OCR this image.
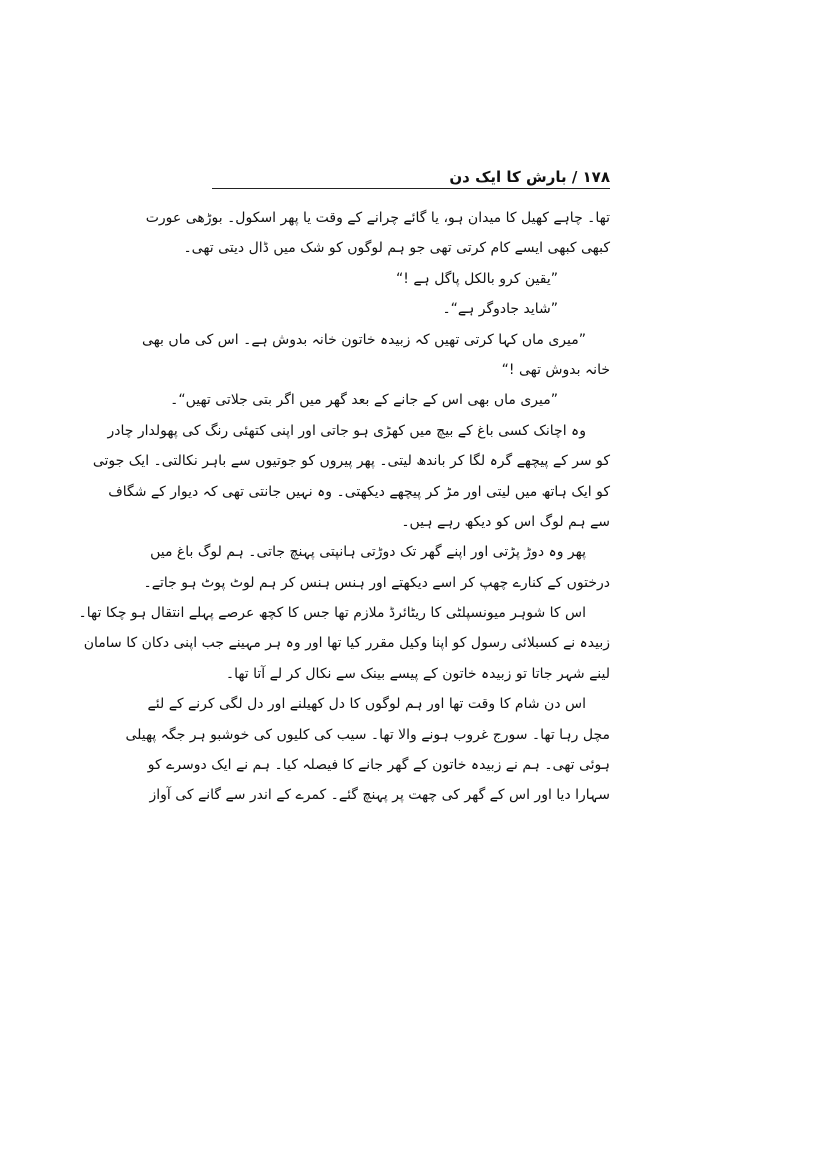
۱۷۸ / بارش کا ایک دن
تھا۔ چاہے کھیل کا میدان ہو، یا گائے چرانے کے وقت یا پھر اسکول۔ بوڑھی عورت
کبھی کبھی ایسے کام کرتی تھی جو ہم لوگوں کو شک میں ڈال دیتی تھی۔
”یقین کرو بالکل پاگل ہے !“
”شاید جادوگر ہے“۔
”میری ماں کہا کرتی تھیں کہ زبیدہ خاتون خانہ بدوش ہے۔ اس کی ماں بھی
خانہ بدوش تھی !“
”میری ماں بھی اس کے جانے کے بعد گھر میں اگر بتی جلاتی تھیں“۔
وہ اچانک کسی باغ کے بیچ میں کھڑی ہو جاتی اور اپنی کتھئی رنگ کی پھولدار چادر
کو سر کے پیچھے گرہ لگا کر باندھ لیتی۔ پھر پیروں کو جوتیوں سے باہر نکالتی۔ ایک جوتی
کو ایک ہاتھ میں لیتی اور مڑ کر پیچھے دیکھتی۔ وہ نہیں جانتی تھی کہ دیوار کے شگاف
سے ہم لوگ اس کو دیکھ رہے ہیں۔
پھر وہ دوڑ پڑتی اور اپنے گھر تک دوڑتی ہانپتی پہنچ جاتی۔ ہم لوگ باغ میں
درختوں کے کنارے چھپ کر اسے دیکھتے اور ہنس ہنس کر ہم لوٹ پوٹ ہو جاتے۔
اس کا شوہر میونسپلٹی کا ریٹائرڈ ملازم تھا جس کا کچھ عرصے پہلے انتقال ہو چکا تھا۔
زبیدہ نے کسبلائی رسول کو اپنا وکیل مقرر کیا تھا اور وہ ہر مہینے جب اپنی دکان کا سامان
لینے شہر جاتا تو زبیدہ خاتون کے پیسے بینک سے نکال کر لے آتا تھا۔
اس دن شام کا وقت تھا اور ہم لوگوں کا دل کھیلنے اور دل لگی کرنے کے لئے
مچل رہا تھا۔ سورج غروب ہونے والا تھا۔ سیب کی کلیوں کی خوشبو ہر جگہ پھیلی
ہوئی تھی۔ ہم نے زبیدہ خاتون کے گھر جانے کا فیصلہ کیا۔ ہم نے ایک دوسرے کو
سہارا دیا اور اس کے گھر کی چھت پر پہنچ گئے۔ کمرے کے اندر سے گانے کی آواز
